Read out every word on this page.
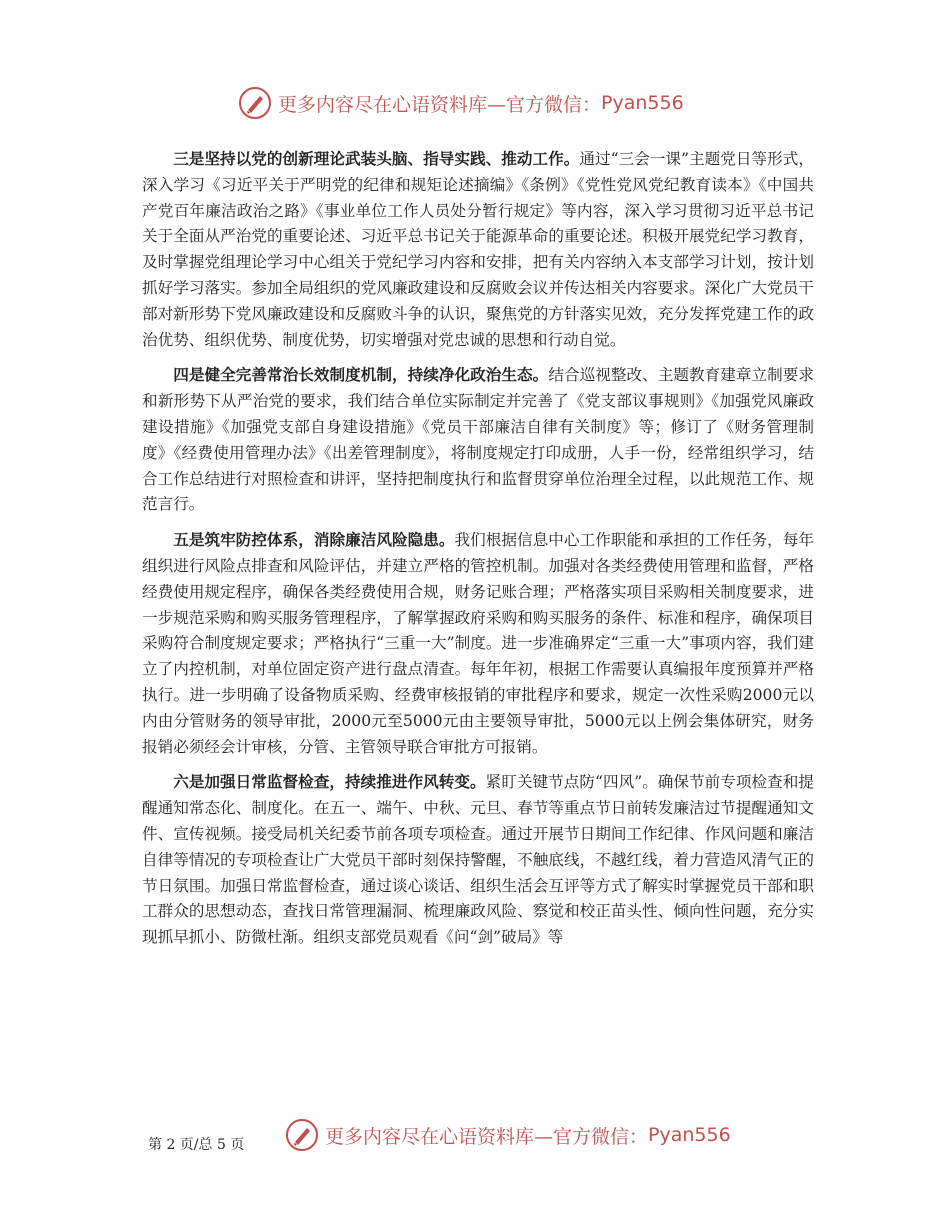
更多内容尽在心语资料库—官方微信： Pyan556

三是坚持以党的创新理论武装头脑、指导实践、推动工作。通过“三会一课”主题党日等形式，深入学习《习近平关于严明党的纪律和规矩论述摘编》《条例》《党性党风党纪教育读本》《中国共产党百年廉洁政治之路》《事业单位工作人员处分暂行规定》等内容，深入学习贯彻习近平总书记关于全面从严治党的重要论述、习近平总书记关于能源革命的重要论述。积极开展党纪学习教育，及时掌握党组理论学习中心组关于党纪学习内容和安排，把有关内容纳入本支部学习计划，按计划抓好学习落实。参加全局组织的党风廉政建设和反腐败会议并传达相关内容要求。深化广大党员干部对新形势下党风廉政建设和反腐败斗争的认识，聚焦党的方针落实见效，充分发挥党建工作的政治优势、组织优势、制度优势，切实增强对党忠诚的思想和行动自觉。

四是健全完善常治长效制度机制，持续净化政治生态。结合巡视整改、主题教育建章立制要求和新形势下从严治党的要求，我们结合单位实际制定并完善了《党支部议事规则》《加强党风廉政建设措施》《加强党支部自身建设措施》《党员干部廉洁自律有关制度》等；修订了《财务管理制度》《经费使用管理办法》《出差管理制度》，将制度规定打印成册，人手一份，经常组织学习，结合工作总结进行对照检查和讲评，坚持把制度执行和监督贯穿单位治理全过程，以此规范工作、规范言行。

五是筑牢防控体系，消除廉洁风险隐患。我们根据信息中心工作职能和承担的工作任务，每年组织进行风险点排查和风险评估，并建立严格的管控机制。加强对各类经费使用管理和监督，严格经费使用规定程序，确保各类经费使用合规，财务记账合理；严格落实项目采购相关制度要求，进一步规范采购和购买服务管理程序，了解掌握政府采购和购买服务的条件、标准和程序，确保项目采购符合制度规定要求；严格执行“三重一大”制度。进一步准确界定“三重一大”事项内容，我们建立了内控机制，对单位固定资产进行盘点清查。每年年初，根据工作需要认真编报年度预算并严格执行。进一步明确了设备物质采购、经费审核报销的审批程序和要求，规定一次性采购2000元以内由分管财务的领导审批，2000元至5000元由主要领导审批，5000元以上例会集体研究，财务报销必须经会计审核，分管、主管领导联合审批方可报销。

六是加强日常监督检查，持续推进作风转变。紧盯关键节点防“四风”。确保节前专项检查和提醒通知常态化、制度化。在五一、端午、中秋、元旦、春节等重点节日前转发廉洁过节提醒通知文件、宣传视频。接受局机关纪委节前各项专项检查。通过开展节日期间工作纪律、作风问题和廉洁自律等情况的专项检查让广大党员干部时刻保持警醒，不触底线，不越红线，着力营造风清气正的节日氛围。加强日常监督检查，通过谈心谈话、组织生活会互评等方式了解实时掌握党员干部和职工群众的思想动态，查找日常管理漏洞、梳理廉政风险、察觉和校正苗头性、倾向性问题，充分实现抓早抓小、防微杜渐。组织支部党员观看《问“剑”破局》等

更多内容尽在心语资料库—官方微信： Pyan556
第 2 页/总 5 页
